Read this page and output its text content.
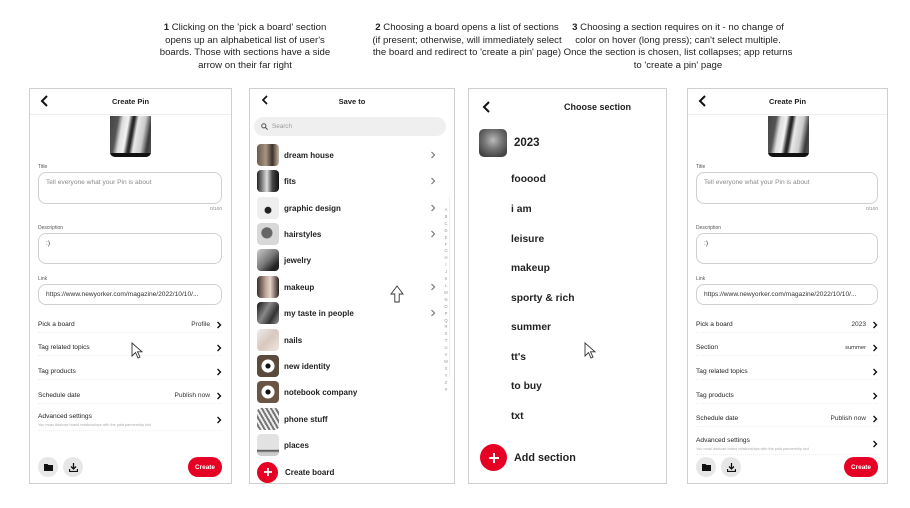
1 Clicking on the 'pick a board' section opens up an alphabetical list of user's boards. Those with sections have a side arrow on their far right
2 Choosing a board opens a list of sections (if present; otherwise, will immediately select the board and redirect to 'create a pin' page)
3 Choosing a section requires on it - no change of color on hover (long press); can't select multiple. Once the section is chosen, list collapses; app returns to 'create a pin' page
Create Pin
Title
Tell everyone what your Pin is about
0/100
Description
:)
Link
https://www.newyorker.com/magazine/2022/10/10/...
Pick a board	Profile
Tag related topics
Tag products
Schedule date	Publish now
Advanced settings
You must disclose brand relationships with the paid partnership tool
Create
Save to
Search
dream house
fits
graphic design
hairstyles
jewelry
makeup
my taste in people
nails
new identity
notebook company
phone stuff
places
Create board
A
B
C
D
E
F
G
H
I
J
K
L
M
N
O
P
Q
R
S
T
U
V
W
X
Y
Z
#
Choose section
2023
fooood
i am
leisure
makeup
sporty & rich
summer
tt's
to buy
txt
Add section
Create Pin
Title
Tell everyone what your Pin is about
0/100
Description
:)
Link
https://www.newyorker.com/magazine/2022/10/10/...
Pick a board	2023
Section	summer
Tag related topics
Tag products
Schedule date	Publish now
Advanced settings
You must disclose brand relationships with the paid partnership tool
Create
